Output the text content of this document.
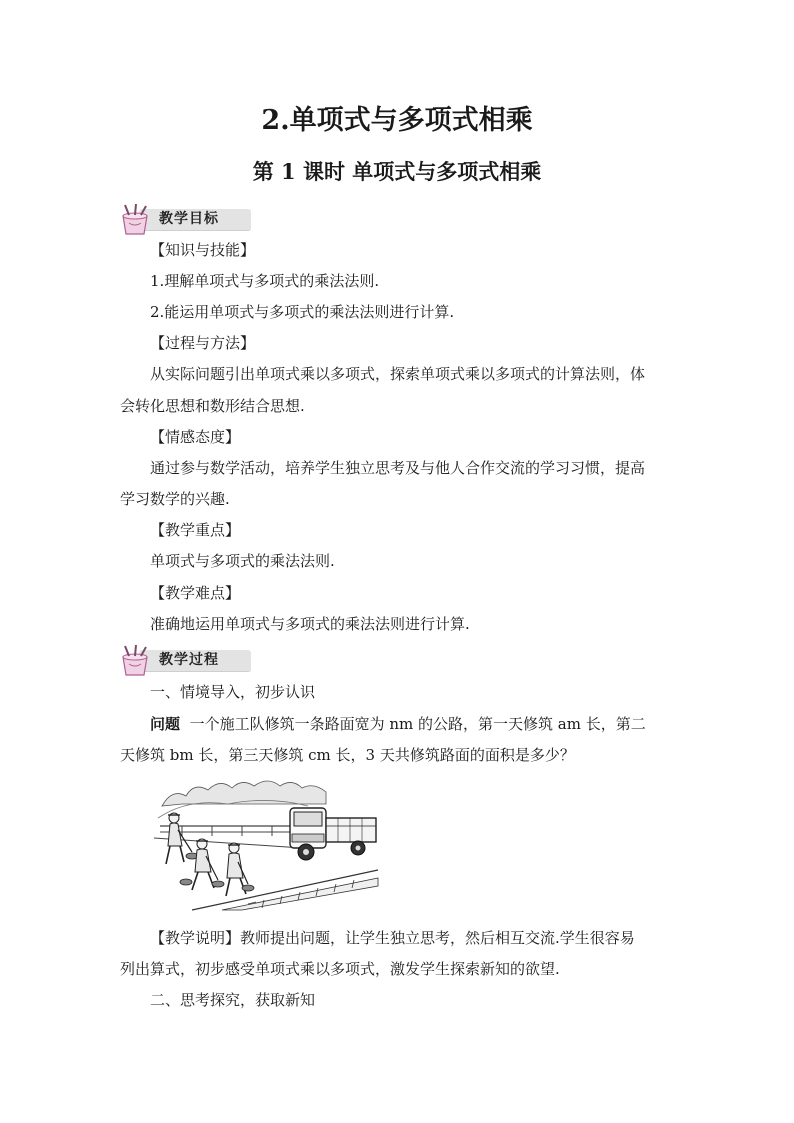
2.单项式与多项式相乘
第 1 课时 单项式与多项式相乘
教学目标
【知识与技能】
1.理解单项式与多项式的乘法法则.
2.能运用单项式与多项式的乘法法则进行计算.
【过程与方法】
从实际问题引出单项式乘以多项式，探索单项式乘以多项式的计算法则，体
会转化思想和数形结合思想.
【情感态度】
通过参与数学活动，培养学生独立思考及与他人合作交流的学习习惯，提高
学习数学的兴趣.
【教学重点】
单项式与多项式的乘法法则.
【教学难点】
准确地运用单项式与多项式的乘法法则进行计算.
教学过程
一、情境导入，初步认识
问题 一个施工队修筑一条路面宽为 nm 的公路，第一天修筑 am 长，第二
天修筑 bm 长，第三天修筑 cm 长，3 天共修筑路面的面积是多少？
【教学说明】教师提出问题，让学生独立思考，然后相互交流.学生很容易
列出算式，初步感受单项式乘以多项式，激发学生探索新知的欲望.
二、思考探究，获取新知
